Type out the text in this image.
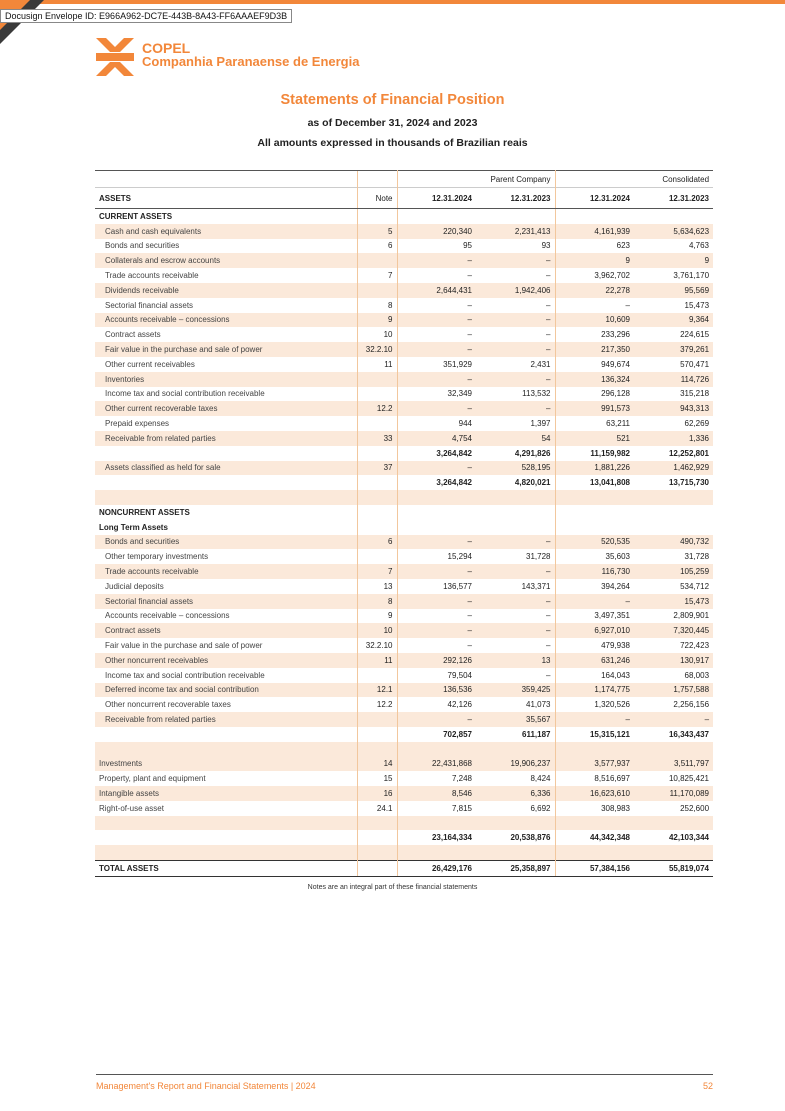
Docusign Envelope ID: E966A962-DC7E-443B-8A43-FF6AAAEF9D3B
COPEL
Companhia Paranaense de Energia
Statements of Financial Position
as of December 31, 2024 and 2023
All amounts expressed in thousands of Brazilian reais
		Parent Company		Consolidated	
ASSETS	Note	12.31.2024	12.31.2023	12.31.2024	12.31.2023
CURRENT ASSETS					
Cash and cash equivalents	5	220,340	2,231,413	4,161,939	5,634,623
Bonds and securities	6	95	93	623	4,763
Collaterals and escrow accounts		–	–	9	9
Trade accounts receivable	7	–	–	3,962,702	3,761,170
Dividends receivable		2,644,431	1,942,406	22,278	95,569
Sectorial financial assets	8	–	–	–	15,473
Accounts receivable – concessions	9	–	–	10,609	9,364
Contract assets	10	–	–	233,296	224,615
Fair value in the purchase and sale of power	32.2.10	–	–	217,350	379,261
Other current receivables	11	351,929	2,431	949,674	570,471
Inventories		–	–	136,324	114,726
Income tax and social contribution receivable		32,349	113,532	296,128	315,218
Other current recoverable taxes	12.2	–	–	991,573	943,313
Prepaid expenses		944	1,397	63,211	62,269
Receivable from related parties	33	4,754	54	521	1,336
		3,264,842	4,291,826	11,159,982	12,252,801
Assets classified as held for sale	37	–	528,195	1,881,226	1,462,929
		3,264,842	4,820,021	13,041,808	13,715,730

NONCURRENT ASSETS					
Long Term Assets					
Bonds and securities	6	–	–	520,535	490,732
Other temporary investments		15,294	31,728	35,603	31,728
Trade accounts receivable	7	–	–	116,730	105,259
Judicial deposits	13	136,577	143,371	394,264	534,712
Sectorial financial assets	8	–	–	–	15,473
Accounts receivable – concessions	9	–	–	3,497,351	2,809,901
Contract assets	10	–	–	6,927,010	7,320,445
Fair value in the purchase and sale of power	32.2.10	–	–	479,938	722,423
Other noncurrent receivables	11	292,126	13	631,246	130,917
Income tax and social contribution receivable		79,504	–	164,043	68,003
Deferred income tax and social contribution	12.1	136,536	359,425	1,174,775	1,757,588
Other noncurrent recoverable taxes	12.2	42,126	41,073	1,320,526	2,256,156
Receivable from related parties		–	35,567	–	–
		702,857	611,187	15,315,121	16,343,437

Investments	14	22,431,868	19,906,237	3,577,937	3,511,797
Property, plant and equipment	15	7,248	8,424	8,516,697	10,825,421
Intangible assets	16	8,546	6,336	16,623,610	11,170,089
Right-of-use asset	24.1	7,815	6,692	308,983	252,600

		23,164,334	20,538,876	44,342,348	42,103,344

TOTAL ASSETS		26,429,176	25,358,897	57,384,156	55,819,074
Notes are an integral part of these financial statements
Management's Report and Financial Statements | 2024	52
